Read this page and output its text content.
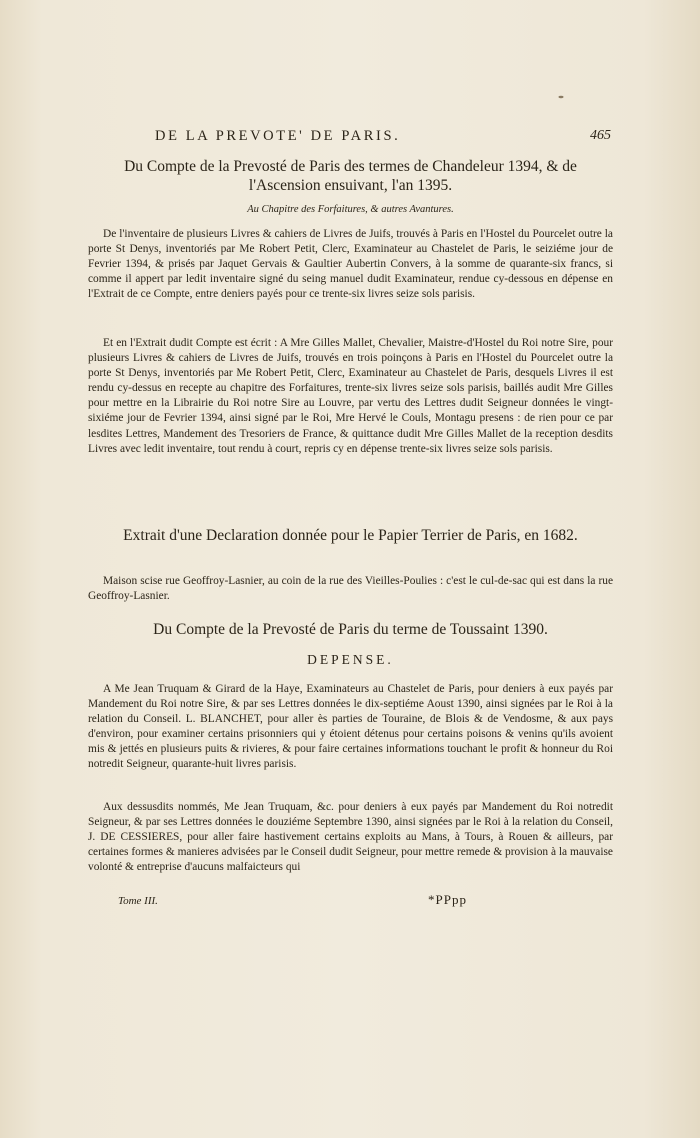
DE LA PREVOTE' DE PARIS.	465

Du Compte de la Prevosté de Paris des termes de Chandeleur 1394, & de l'Ascension ensuivant, l'an 1395.

Au Chapitre des Forfaitures, & autres Avantures.

De l'inventaire de plusieurs Livres & cahiers de Livres de Juifs, trouvés à Paris en l'Hostel du Pourcelet outre la porte St Denys, inventoriés par Me Robert Petit, Clerc, Examinateur au Chastelet de Paris, le seiziéme jour de Fevrier 1394, & prisés par Jaquet Gervais & Gaultier Aubertin Convers, à la somme de quarante-six francs, si comme il appert par ledit inventaire signé du seing manuel dudit Examinateur, rendue cy-dessous en dépense en l'Extrait de ce Compte, entre deniers payés pour ce trente-six livres seize sols parisis.

Et en l'Extrait dudit Compte est écrit : A Mre Gilles Mallet, Chevalier, Maistre-d'Hostel du Roi notre Sire, pour plusieurs Livres & cahiers de Livres de Juifs, trouvés en trois poinçons à Paris en l'Hostel du Pourcelet outre la porte St Denys, inventoriés par Me Robert Petit, Clerc, Examinateur au Chastelet de Paris, desquels Livres il est rendu cy-dessus en recepte au chapitre des Forfaitures, trente-six livres seize sols parisis, baillés audit Mre Gilles pour mettre en la Librairie du Roi notre Sire au Louvre, par vertu des Lettres dudit Seigneur données le vingt-sixiéme jour de Fevrier 1394, ainsi signé par le Roi, Mre Hervé le Couls, Montagu presens : de rien pour ce par lesdites Lettres, Mandement des Tresoriers de France, & quittance dudit Mre Gilles Mallet de la reception desdits Livres avec ledit inventaire, tout rendu à court, repris cy en dépense trente-six livres seize sols parisis.

Extrait d'une Declaration donnée pour le Papier Terrier de Paris, en 1682.

Maison scise rue Geoffroy-Lasnier, au coin de la rue des Vieilles-Poulies : c'est le cul-de-sac qui est dans la rue Geoffroy-Lasnier.

Du Compte de la Prevosté de Paris du terme de Toussaint 1390.

DEPENSE.

A Me Jean Truquam & Girard de la Haye, Examinateurs au Chastelet de Paris, pour deniers à eux payés par Mandement du Roi notre Sire, & par ses Lettres données le dix-septiéme Aoust 1390, ainsi signées par le Roi à la relation du Conseil. L. BLANCHET, pour aller ès parties de Touraine, de Blois & de Vendosme, & aux pays d'environ, pour examiner certains prisonniers qui y étoient détenus pour certains poisons & venins qu'ils avoient mis & jettés en plusieurs puits & rivieres, & pour faire certaines informations touchant le profit & honneur du Roi notredit Seigneur, quarante-huit livres parisis.

Aux dessusdits nommés, Me Jean Truquam, &c. pour deniers à eux payés par Mandement du Roi notredit Seigneur, & par ses Lettres données le douziéme Septembre 1390, ainsi signées par le Roi à la relation du Conseil, J. DE CESSIERES, pour aller faire hastivement certains exploits au Mans, à Tours, à Rouen & ailleurs, par certaines formes & manieres advisées par le Conseil dudit Seigneur, pour mettre remede & provision à la mauvaise volonté & entreprise d'aucuns malfaicteurs qui

Tome III.	*PPpp
